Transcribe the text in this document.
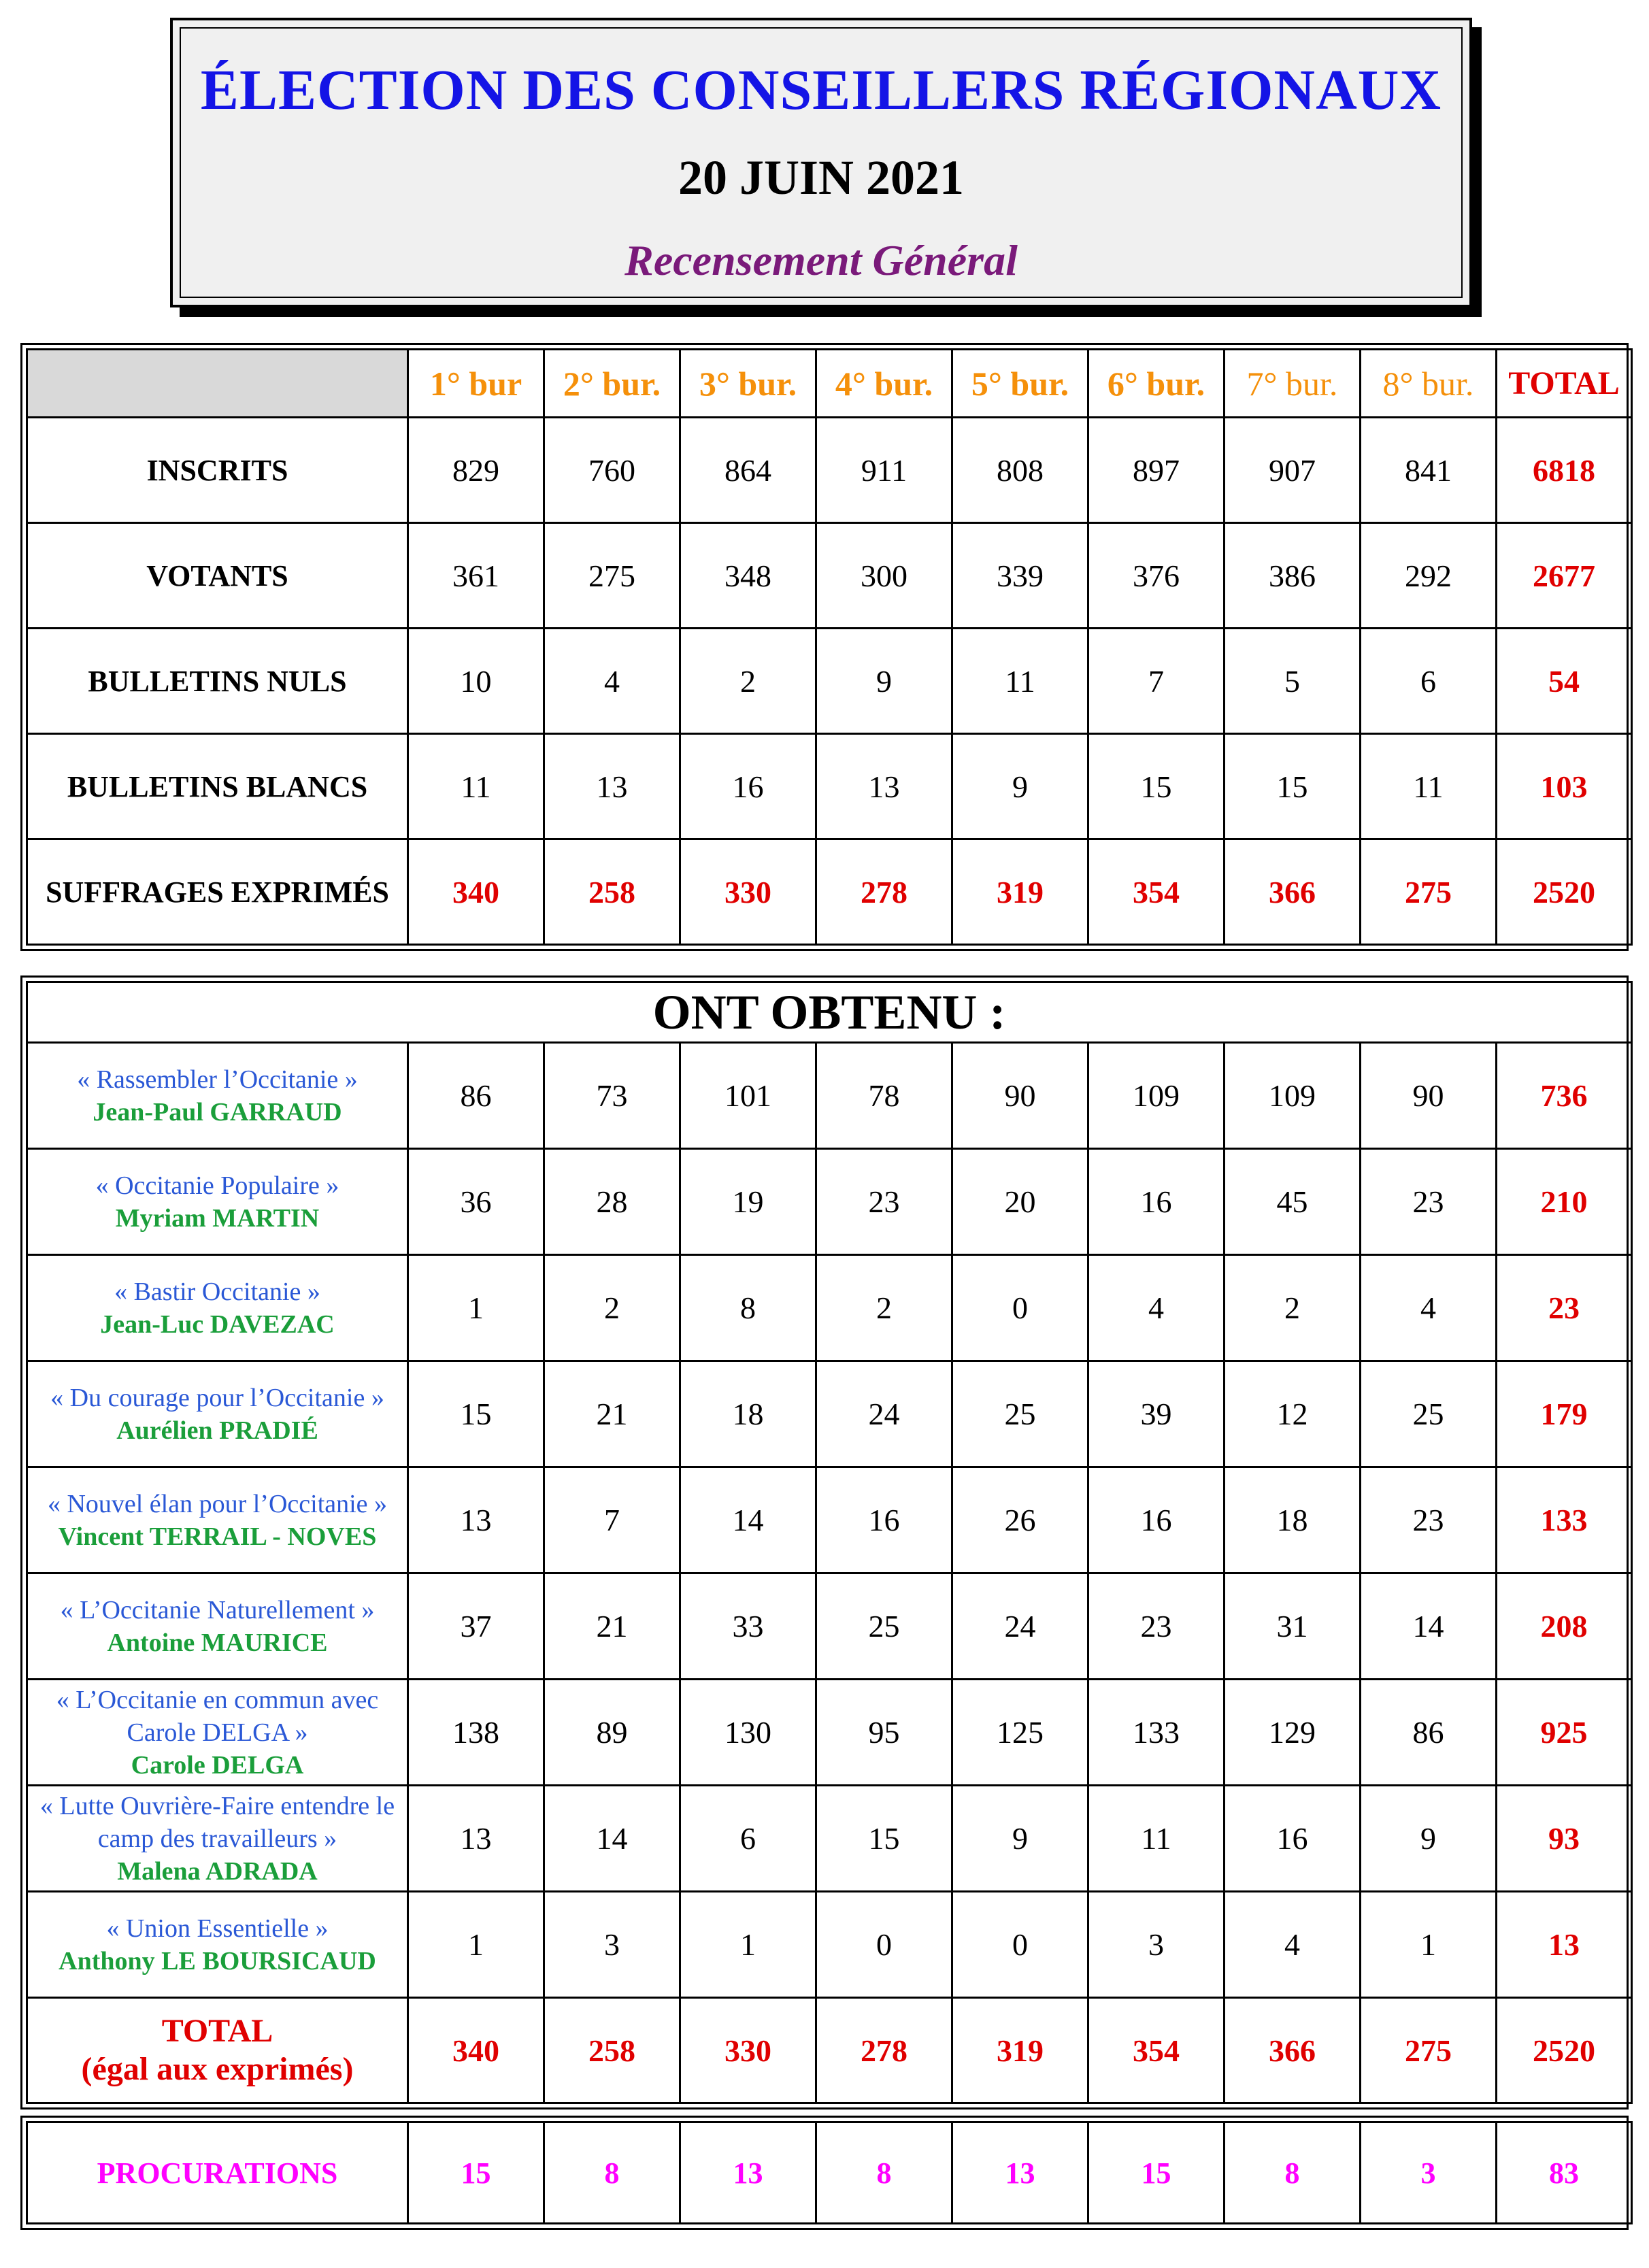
ÉLECTION DES CONSEILLERS RÉGIONAUX
20 JUIN 2021
Recensement Général
	1° bur	2° bur.	3° bur.	4° bur.	5° bur.	6° bur.	7° bur.	8° bur.	TOTAL
INSCRITS	829	760	864	911	808	897	907	841	6818
VOTANTS	361	275	348	300	339	376	386	292	2677
BULLETINS NULS	10	4	2	9	11	7	5	6	54
BULLETINS BLANCS	11	13	16	13	9	15	15	11	103
SUFFRAGES EXPRIMÉS	340	258	330	278	319	354	366	275	2520
ONT OBTENU :									

« Rassembler l’Occitanie »
Jean-Paul GARRAUD	86	73	101	78	90	109	109	90	736

« Occitanie Populaire »
Myriam MARTIN	36	28	19	23	20	16	45	23	210

« Bastir Occitanie »
Jean-Luc DAVEZAC	1	2	8	2	0	4	2	4	23

« Du courage pour l’Occitanie »
Aurélien PRADIÉ	15	21	18	24	25	39	12	25	179

« Nouvel élan pour l’Occitanie »
Vincent TERRAIL - NOVES	13	7	14	16	26	16	18	23	133

« L’Occitanie Naturellement »
Antoine MAURICE	37	21	33	25	24	23	31	14	208

« L’Occitanie en commun avec Carole DELGA »
Carole DELGA	138	89	130	95	125	133	129	86	925

« Lutte Ouvrière-Faire entendre le camp des travailleurs »
Malena ADRADA	13	14	6	15	9	11	16	9	93

« Union Essentielle »
Anthony LE BOURSICAUD	1	3	1	0	0	3	4	1	13
TOTAL
(égal aux exprimés)	340	258	330	278	319	354	366	275	2520
PROCURATIONS	15	8	13	8	13	15	8	3	83
